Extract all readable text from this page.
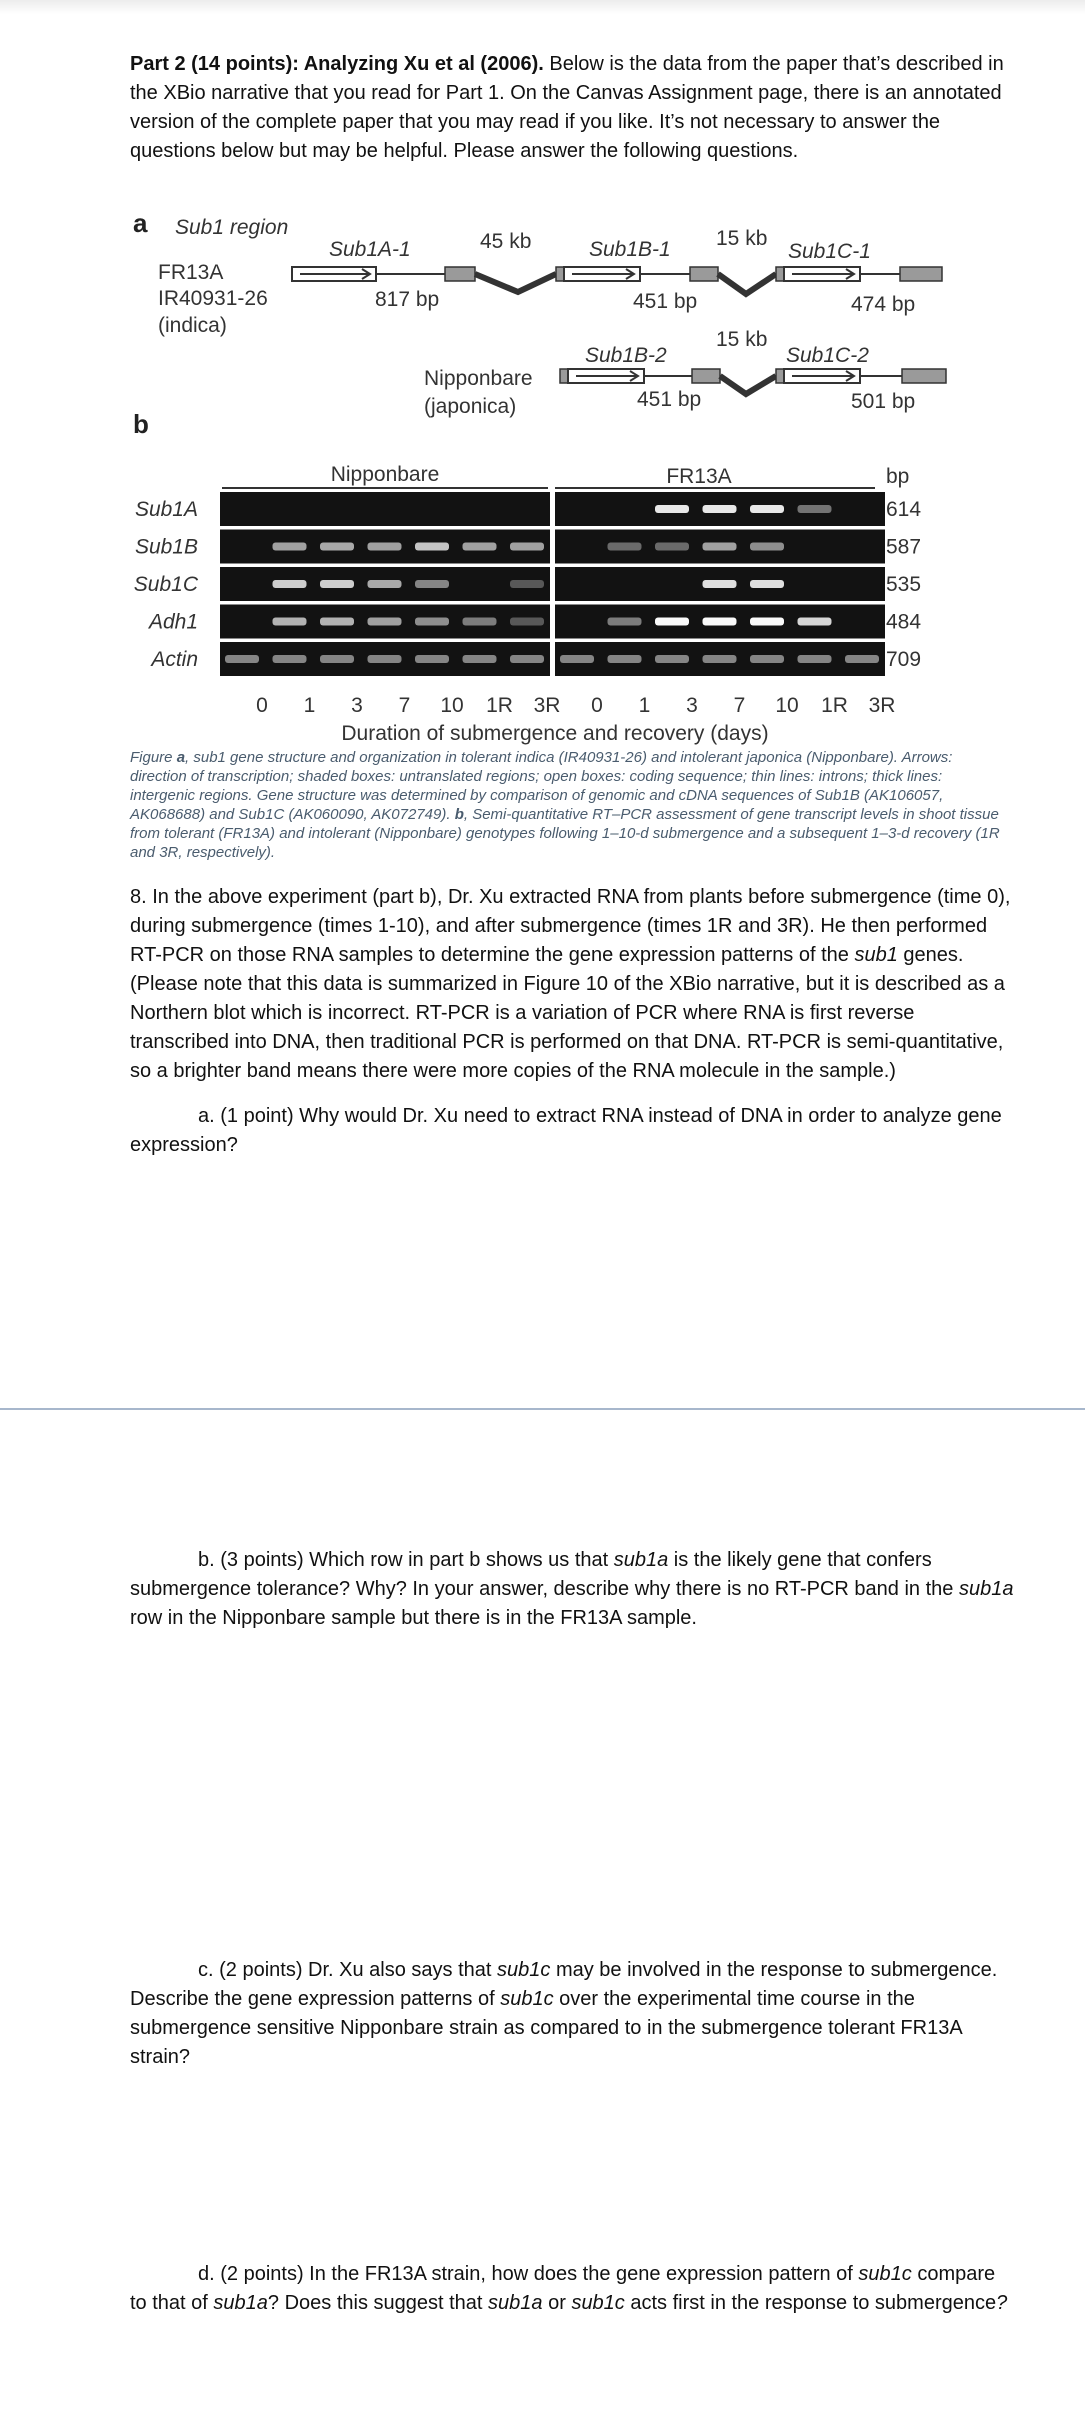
Part 2 (14 points): Analyzing Xu et al (2006). Below is the data from the paper that’s described in the XBio narrative that you read for Part 1. On the Canvas Assignment page, there is an annotated version of the complete paper that you may read if you like. It’s not necessary to answer the questions below but may be helpful. Please answer the following questions.

a Sub1 region
FR13A
IR40931-26
(indica)
Sub1A-1	45 kb	Sub1B-1 15 kb
Sub1C-1
817 bp	451 bp	474 bp
Sub1B-2
15 kb
Sub1C-2
Nipponbare
(japonica)	451 bp	501 bp
b
Nipponbare	FR13A	bp
Sub1A	614
Sub1B	587
Sub1C	535
Adh1	484
Actin	709
0 1 3 7 10 1R 3R 0 1 3 7 10 1R 3R
Duration of submergence and recovery (days)

Figure a, sub1 gene structure and organization in tolerant indica (IR40931-26) and intolerant japonica (Nipponbare). Arrows: direction of transcription; shaded boxes: untranslated regions; open boxes: coding sequence; thin lines: introns; thick lines: intergenic regions. Gene structure was determined by comparison of genomic and cDNA sequences of Sub1B (AK106057, AK068688) and Sub1C (AK060090, AK072749). b, Semi-quantitative RT–PCR assessment of gene transcript levels in shoot tissue from tolerant (FR13A) and intolerant (Nipponbare) genotypes following 1–10-d submergence and a subsequent 1–3-d recovery (1R and 3R, respectively).

8. In the above experiment (part b), Dr. Xu extracted RNA from plants before submergence (time 0), during submergence (times 1-10), and after submergence (times 1R and 3R). He then performed RT-PCR on those RNA samples to determine the gene expression patterns of the sub1 genes. (Please note that this data is summarized in Figure 10 of the XBio narrative, but it is described as a Northern blot which is incorrect. RT-PCR is a variation of PCR where RNA is first reverse transcribed into DNA, then traditional PCR is performed on that DNA. RT-PCR is semi-quantitative, so a brighter band means there were more copies of the RNA molecule in the sample.)

a. (1 point) Why would Dr. Xu need to extract RNA instead of DNA in order to analyze gene expression?

b. (3 points) Which row in part b shows us that sub1a is the likely gene that confers submergence tolerance? Why? In your answer, describe why there is no RT-PCR band in the sub1a row in the Nipponbare sample but there is in the FR13A sample.

c. (2 points) Dr. Xu also says that sub1c may be involved in the response to submergence. Describe the gene expression patterns of sub1c over the experimental time course in the submergence sensitive Nipponbare strain as compared to in the submergence tolerant FR13A strain?

d. (2 points) In the FR13A strain, how does the gene expression pattern of sub1c compare to that of sub1a? Does this suggest that sub1a or sub1c acts first in the response to submergence?
